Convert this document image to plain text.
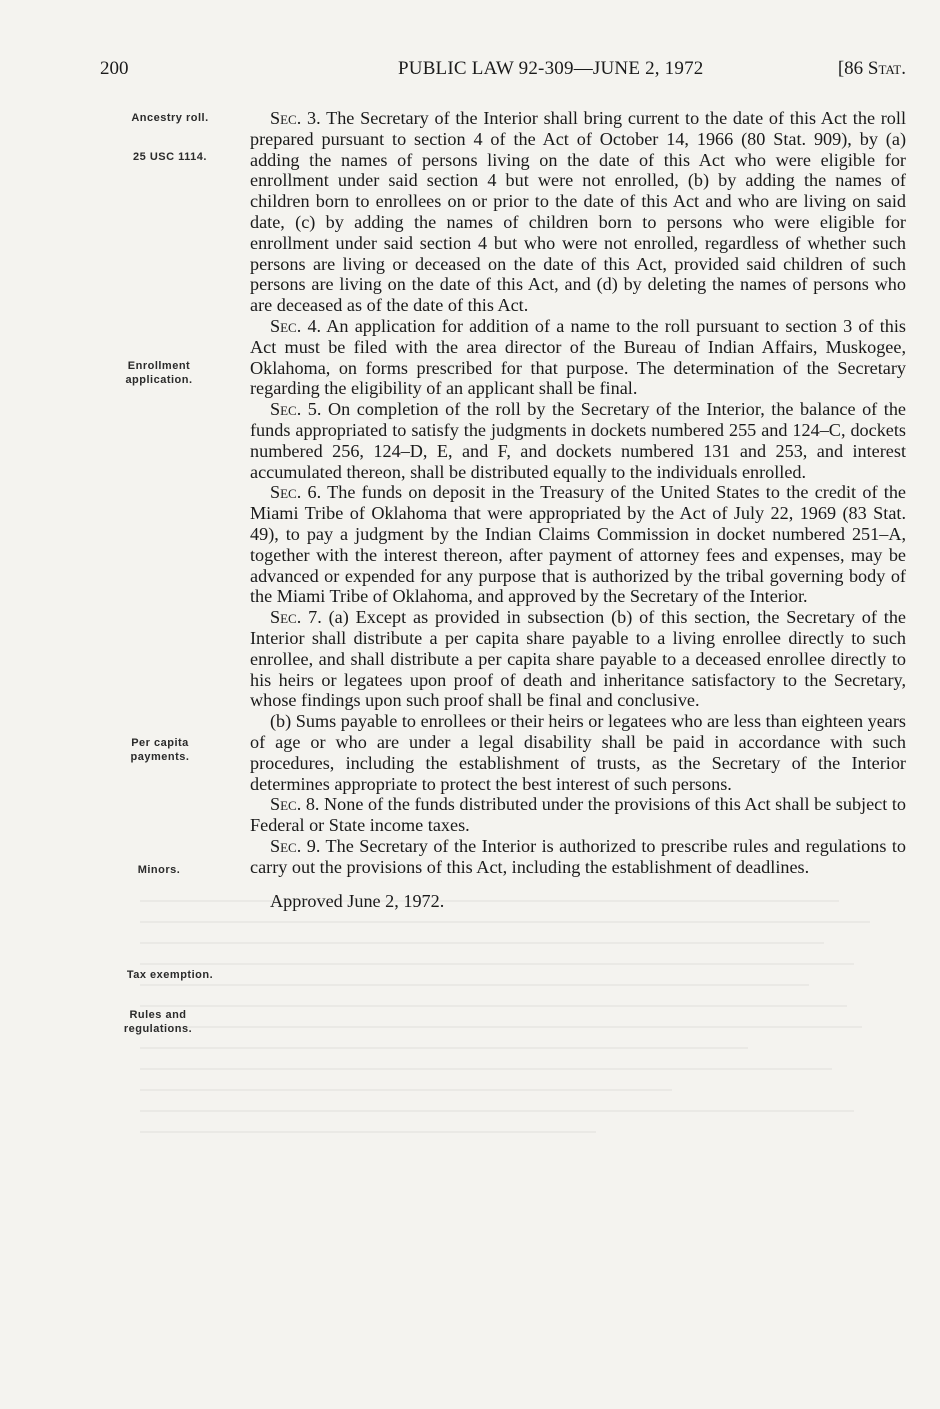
200	PUBLIC LAW 92-309—JUNE 2, 1972	[86 Stat.
Ancestry roll.
25 USC 1114.
Enrollment application.
Per capita payments.
Minors.
Tax exemption.
Rules and regulations.

Sec. 3. The Secretary of the Interior shall bring current to the date of this Act the roll prepared pursuant to section 4 of the Act of October 14, 1966 (80 Stat. 909), by (a) adding the names of persons living on the date of this Act who were eligible for enrollment under said section 4 but were not enrolled, (b) by adding the names of children born to enrollees on or prior to the date of this Act and who are living on said date, (c) by adding the names of children born to persons who were eligible for enrollment under said section 4 but who were not enrolled, regardless of whether such persons are living or deceased on the date of this Act, provided said children of such persons are living on the date of this Act, and (d) by deleting the names of persons who are deceased as of the date of this Act.

Sec. 4. An application for addition of a name to the roll pursuant to section 3 of this Act must be filed with the area director of the Bureau of Indian Affairs, Muskogee, Oklahoma, on forms prescribed for that purpose. The determination of the Secretary regarding the eligibility of an applicant shall be final.

Sec. 5. On completion of the roll by the Secretary of the Interior, the balance of the funds appropriated to satisfy the judgments in dockets numbered 255 and 124–C, dockets numbered 256, 124–D, E, and F, and dockets numbered 131 and 253, and interest accumulated thereon, shall be distributed equally to the individuals enrolled.

Sec. 6. The funds on deposit in the Treasury of the United States to the credit of the Miami Tribe of Oklahoma that were appropriated by the Act of July 22, 1969 (83 Stat. 49), to pay a judgment by the Indian Claims Commission in docket numbered 251–A, together with the interest thereon, after payment of attorney fees and expenses, may be advanced or expended for any purpose that is authorized by the tribal governing body of the Miami Tribe of Oklahoma, and approved by the Secretary of the Interior.

Sec. 7. (a) Except as provided in subsection (b) of this section, the Secretary of the Interior shall distribute a per capita share payable to a living enrollee directly to such enrollee, and shall distribute a per capita share payable to a deceased enrollee directly to his heirs or legatees upon proof of death and inheritance satisfactory to the Secretary, whose findings upon such proof shall be final and conclusive.

(b) Sums payable to enrollees or their heirs or legatees who are less than eighteen years of age or who are under a legal disability shall be paid in accordance with such procedures, including the establishment of trusts, as the Secretary of the Interior determines appropriate to protect the best interest of such persons.

Sec. 8. None of the funds distributed under the provisions of this Act shall be subject to Federal or State income taxes.

Sec. 9. The Secretary of the Interior is authorized to prescribe rules and regulations to carry out the provisions of this Act, including the establishment of deadlines.

Approved June 2, 1972.
